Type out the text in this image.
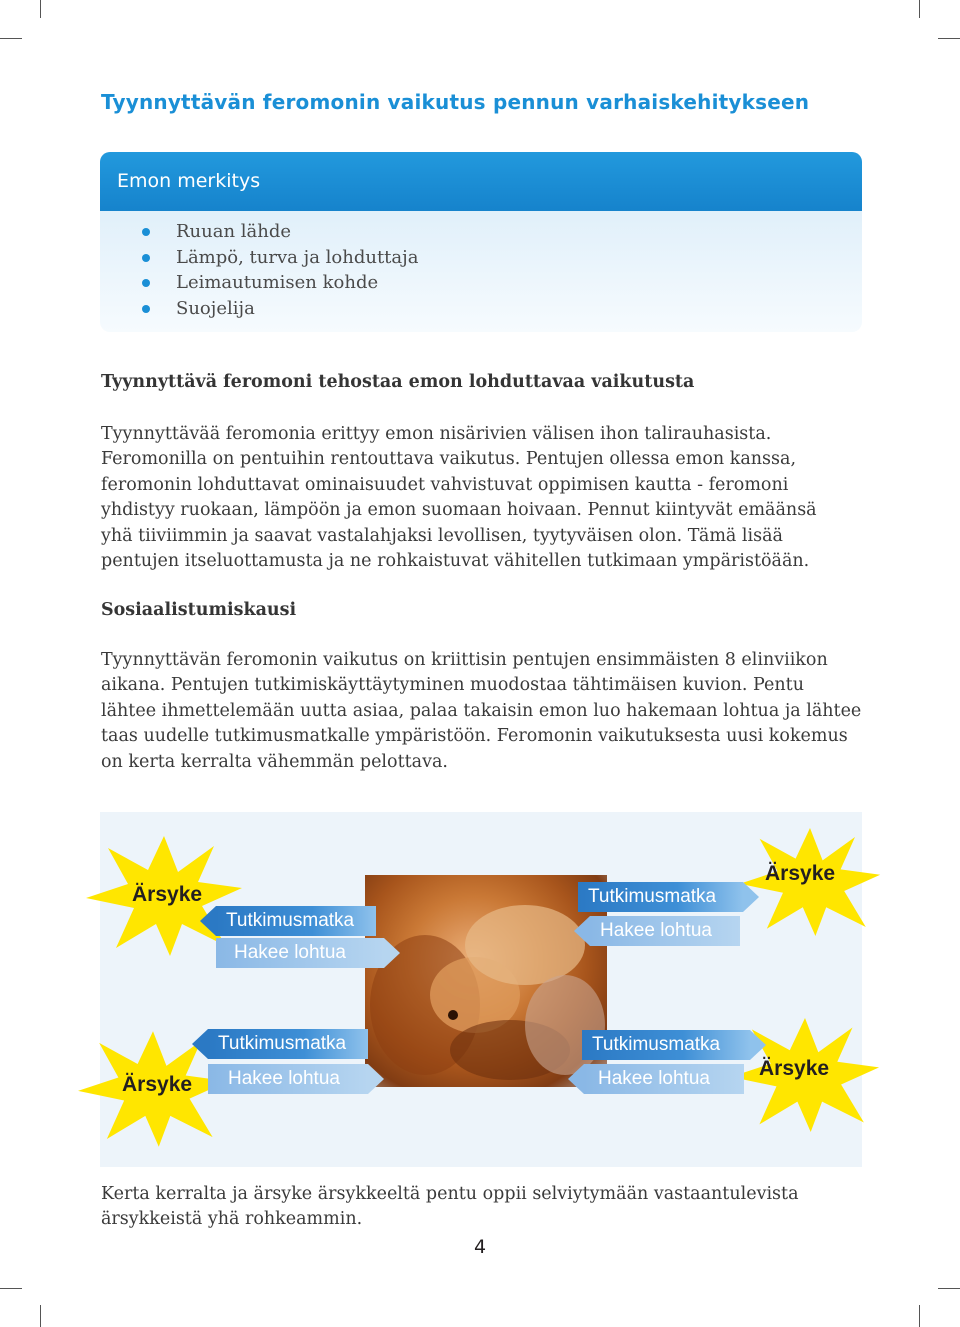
Tyynnyttävän feromonin vaikutus pennun varhaiskehitykseen
Emon merkitys
Ruuan lähde
Lämpö, turva ja lohduttaja
Leimautumisen kohde
Suojelija
Tyynnyttävä feromoni tehostaa emon lohduttavaa vaikutusta
Tyynnyttävää feromonia erittyy emon nisärivien välisen ihon talirauhasista.
Feromonilla on pentuihin rentouttava vaikutus. Pentujen ollessa emon kanssa,
feromonin lohduttavat ominaisuudet vahvistuvat oppimisen kautta - feromoni
yhdistyy ruokaan, lämpöön ja emon suomaan hoivaan. Pennut kiintyvät emäänsä
yhä tiiviimmin ja saavat vastalahjaksi levollisen, tyytyväisen olon. Tämä lisää
pentujen itseluottamusta ja ne rohkaistuvat vähitellen tutkimaan ympäristöään.
Sosiaalistumiskausi
Tyynnyttävän feromonin vaikutus on kriittisin pentujen ensimmäisten 8 elinviikon
aikana. Pentujen tutkimiskäyttäytyminen muodostaa tähtimäisen kuvion. Pentu
lähtee ihmettelemään uutta asiaa, palaa takaisin emon luo hakemaan lohtua ja lähtee
taas uudelle tutkimusmatkalle ympäristöön. Feromonin vaikutuksesta uusi kokemus
on kerta kerralta vähemmän pelottava.
Ärsyke
Ärsyke
Ärsyke
Ärsyke
Tutkimusmatka
Hakee lohtua
Tutkimusmatka
Hakee lohtua
Tutkimusmatka
Hakee lohtua
Tutkimusmatka
Hakee lohtua
Kerta kerralta ja ärsyke ärsykkeeltä pentu oppii selviytymään vastaantulevista
ärsykkeistä yhä rohkeammin.
4
